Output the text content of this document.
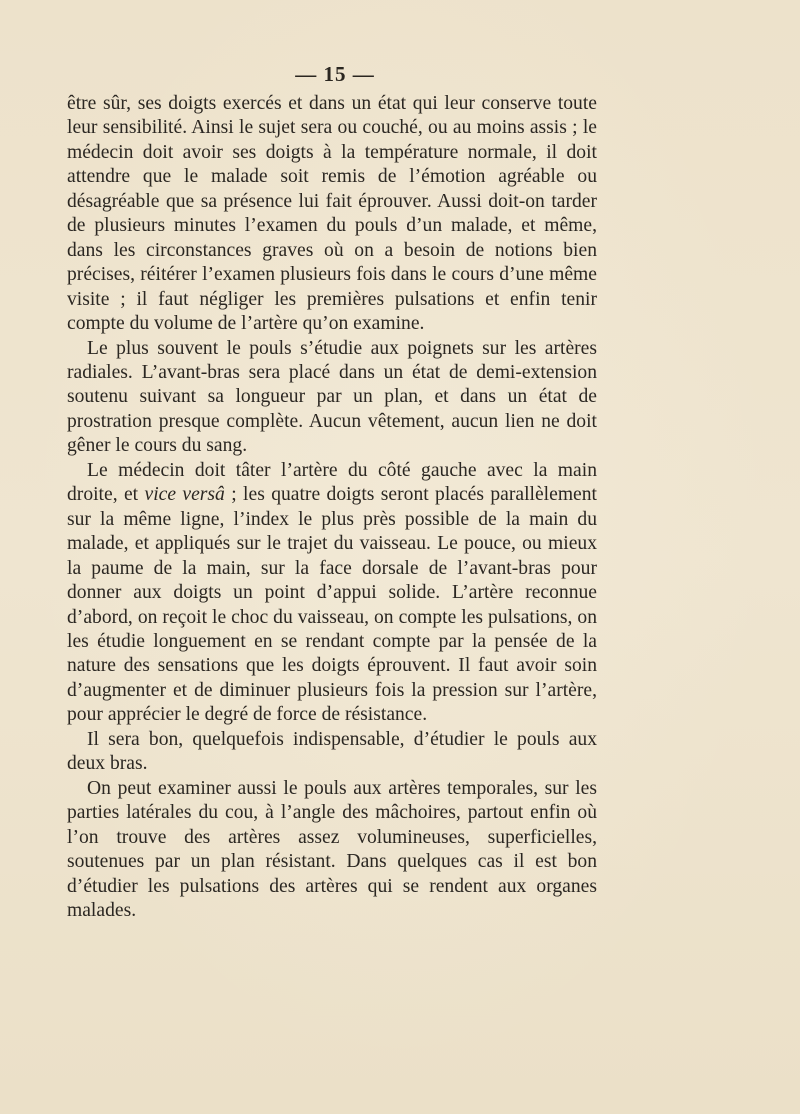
— 15 —

être sûr, ses doigts exercés et dans un état qui leur conserve toute leur sensibilité. Ainsi le sujet sera ou couché, ou au moins assis ; le médecin doit avoir ses doigts à la température normale, il doit attendre que le malade soit remis de l’émotion agréable ou désagréable que sa présence lui fait éprouver. Aussi doit-on tarder de plusieurs minutes l’examen du pouls d’un malade, et même, dans les circonstances graves où on a besoin de notions bien précises, réitérer l’examen plusieurs fois dans le cours d’une même visite ; il faut négliger les premières pulsations et enfin tenir compte du volume de l’artère qu’on examine.

Le plus souvent le pouls s’étudie aux poignets sur les artères radiales. L’avant-bras sera placé dans un état de demi-extension soutenu suivant sa longueur par un plan, et dans un état de prostration presque complète. Aucun vêtement, aucun lien ne doit gêner le cours du sang.

Le médecin doit tâter l’artère du côté gauche avec la main droite, et vice versâ ; les quatre doigts seront placés parallèlement sur la même ligne, l’index le plus près possible de la main du malade, et appliqués sur le trajet du vaisseau. Le pouce, ou mieux la paume de la main, sur la face dorsale de l’avant-bras pour donner aux doigts un point d’appui solide. L’artère reconnue d’abord, on reçoit le choc du vaisseau, on compte les pulsations, on les étudie longuement en se rendant compte par la pensée de la nature des sensations que les doigts éprouvent. Il faut avoir soin d’augmenter et de diminuer plusieurs fois la pression sur l’artère, pour apprécier le degré de force de résistance.

Il sera bon, quelquefois indispensable, d’étudier le pouls aux deux bras.

On peut examiner aussi le pouls aux artères temporales, sur les parties latérales du cou, à l’angle des mâchoires, partout enfin où l’on trouve des artères assez volumineuses, superficielles, soutenues par un plan résistant. Dans quelques cas il est bon d’étudier les pulsations des artères qui se rendent aux organes malades.
